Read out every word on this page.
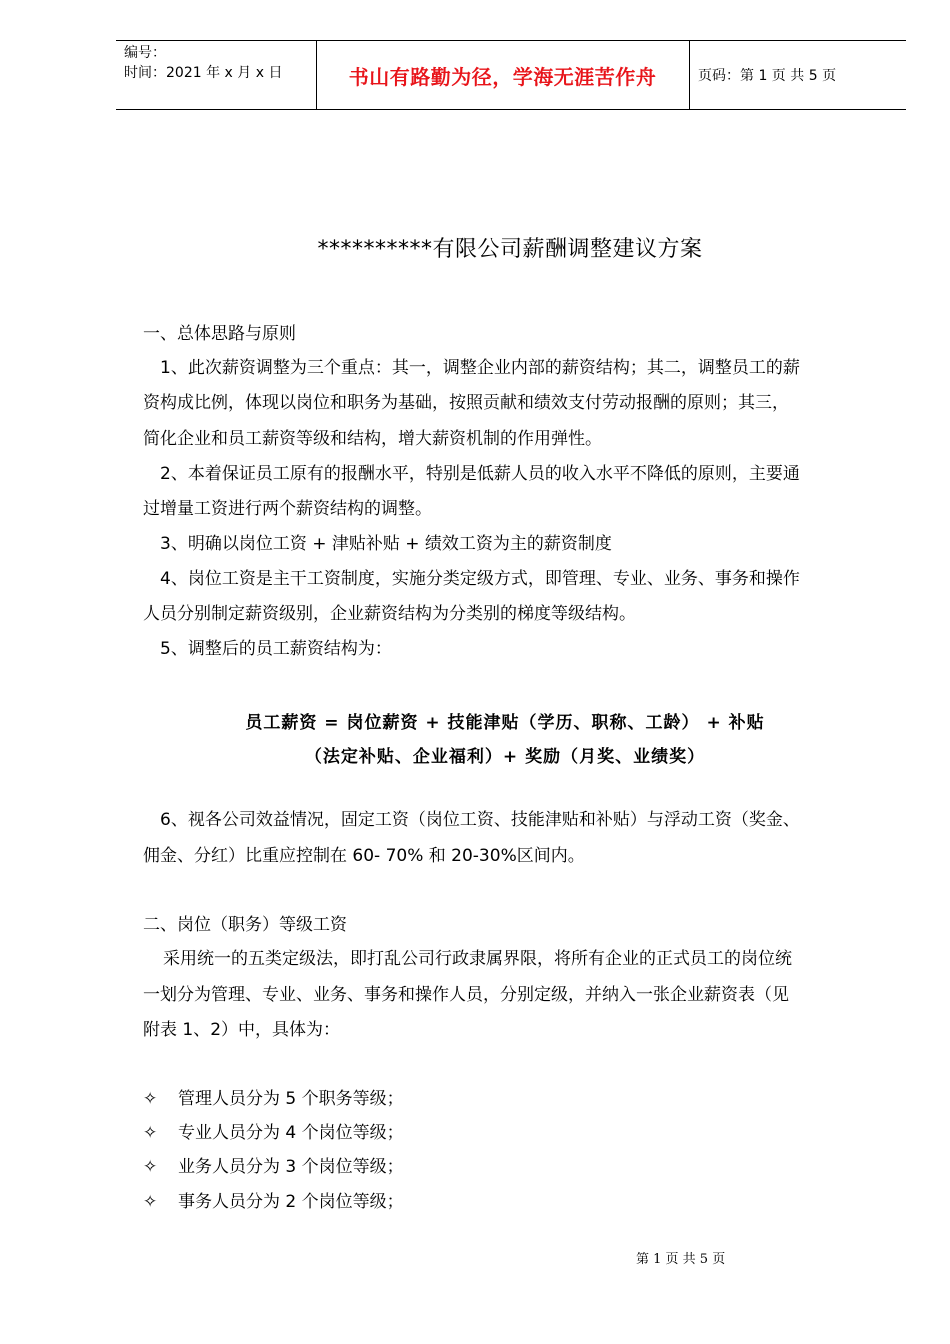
编号：
时间：2021 年 x 月 x 日	书山有路勤为径，学海无涯苦作舟	页码：第 1 页 共 5 页
**********有限公司薪酬调整建议方案
一、总体思路与原则
1、此次薪资调整为三个重点：其一，调整企业内部的薪资结构；其二，调整员工的薪
资构成比例，体现以岗位和职务为基础，按照贡献和绩效支付劳动报酬的原则；其三，
简化企业和员工薪资等级和结构，增大薪资机制的作用弹性。
2、本着保证员工原有的报酬水平，特别是低薪人员的收入水平不降低的原则，主要通
过增量工资进行两个薪资结构的调整。
3、明确以岗位工资 + 津贴补贴 + 绩效工资为主的薪资制度
4、岗位工资是主干工资制度，实施分类定级方式，即管理、专业、业务、事务和操作
人员分别制定薪资级别，企业薪资结构为分类别的梯度等级结构。
5、调整后的员工薪资结构为：
员工薪资 = 岗位薪资 + 技能津贴（学历、职称、工龄） + 补贴
（法定补贴、企业福利）+ 奖励（月奖、业绩奖）
6、视各公司效益情况，固定工资（岗位工资、技能津贴和补贴）与浮动工资（奖金、
佣金、分红）比重应控制在 60- 70% 和 20-30%区间内。
二、岗位（职务）等级工资
采用统一的五类定级法，即打乱公司行政隶属界限，将所有企业的正式员工的岗位统
一划分为管理、专业、业务、事务和操作人员，分别定级，并纳入一张企业薪资表（见
附表 1、2）中，具体为：
✧ 管理人员分为 5 个职务等级；
✧ 专业人员分为 4 个岗位等级；
✧ 业务人员分为 3 个岗位等级；
✧ 事务人员分为 2 个岗位等级；
第 1 页 共 5 页
